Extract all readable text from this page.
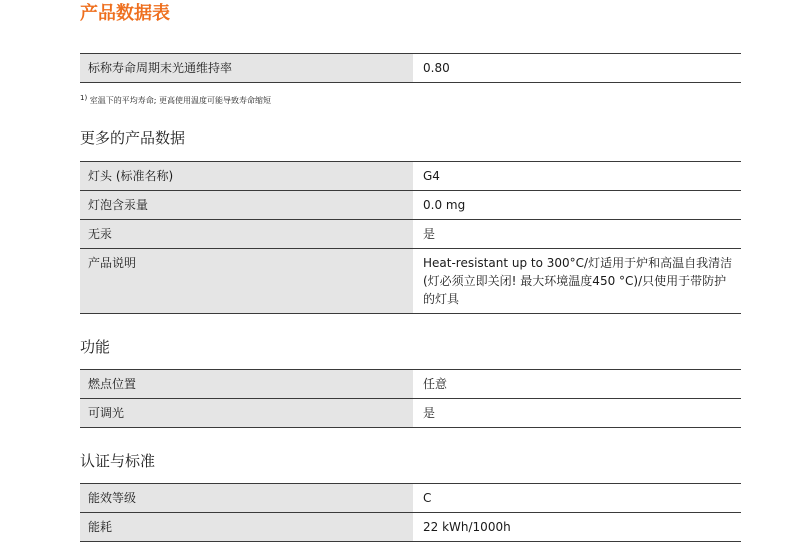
产品数据表
标称寿命周期末光通维持率	0.80
$^{1)}$ 室温下的平均寿命; 更高使用温度可能导致寿命缩短
更多的产品数据
灯头 (标准名称)	G4
灯泡含汞量	0.0 mg
无汞	是
产品说明	Heat-resistant up to 300°C/灯适用于炉和高温自我清洁 (灯必须立即关闭! 最大环境温度450 °C)/只使用于带防护的灯具
功能
燃点位置	任意
可调光	是
认证与标准
能效等级	C
能耗	22 kWh/1000h
